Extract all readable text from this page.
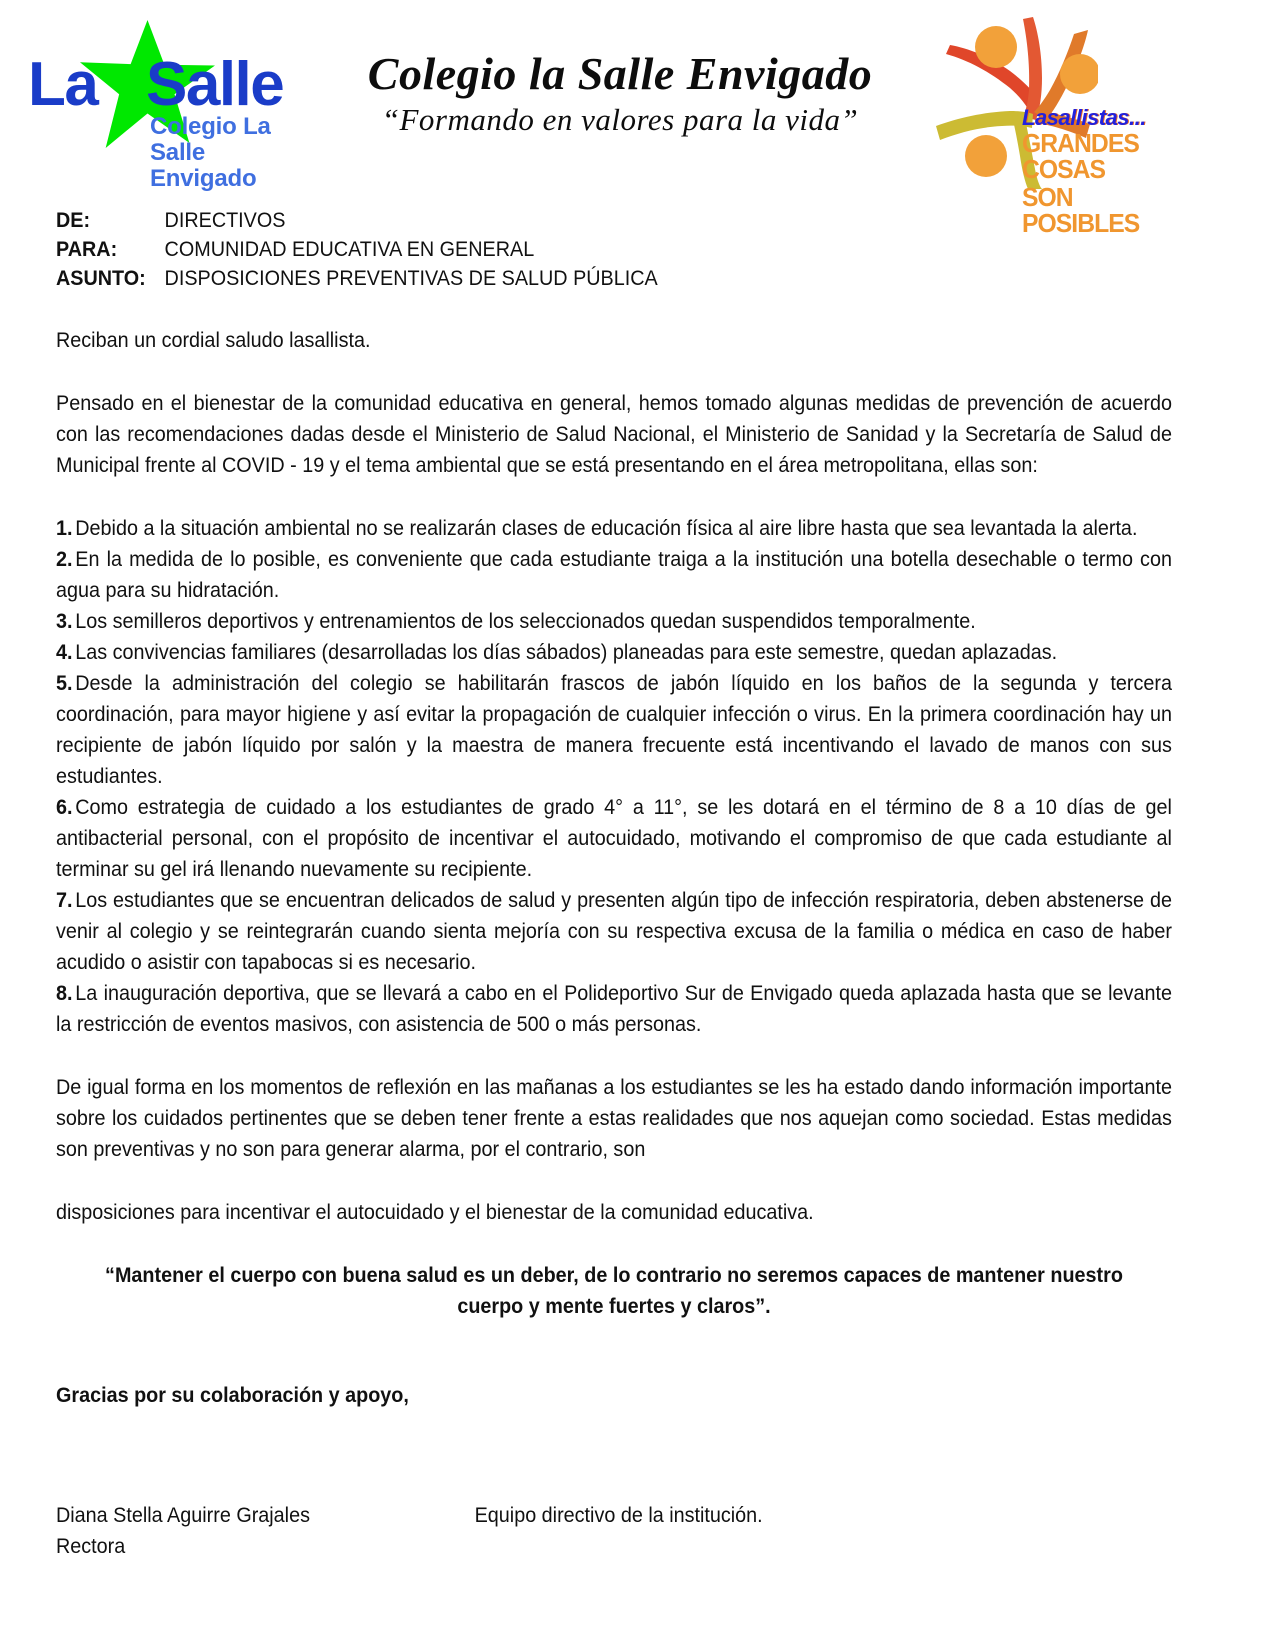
La Salle
Colegio La Salle
Envigado
Colegio la Salle Envigado
“Formando en valores para la vida”	Lasallistas...
GRANDES COSAS
SON POSIBLES
DE:	DIRECTIVOS
PARA:	COMUNIDAD EDUCATIVA EN GENERAL
ASUNTO: DISPOSICIONES PREVENTIVAS DE SALUD PÚBLICA

Reciban un cordial saludo lasallista.

Pensado en el bienestar de la comunidad educativa en general, hemos tomado algunas medidas de prevención de acuerdo con las recomendaciones dadas desde el Ministerio de Salud Nacional, el Ministerio de Sanidad y la Secretaría de Salud de Municipal frente al COVID - 19 y el tema ambiental que se está presentando en el área metropolitana, ellas son:

1. Debido a la situación ambiental no se realizarán clases de educación física al aire libre hasta que sea levantada la alerta.
2. En la medida de lo posible, es conveniente que cada estudiante traiga a la institución una botella desechable o termo con agua para su hidratación.
3. Los semilleros deportivos y entrenamientos de los seleccionados quedan suspendidos temporalmente.
4. Las convivencias familiares (desarrolladas los días sábados) planeadas para este semestre, quedan aplazadas.
5. Desde la administración del colegio se habilitarán frascos de jabón líquido en los baños de la segunda y tercera coordinación, para mayor higiene y así evitar la propagación de cualquier infección o virus. En la primera coordinación hay un recipiente de jabón líquido por salón y la maestra de manera frecuente está incentivando el lavado de manos con sus estudiantes.
6. Como estrategia de cuidado a los estudiantes de grado 4° a 11°, se les dotará en el término de 8 a 10 días de gel antibacterial personal, con el propósito de incentivar el autocuidado, motivando el compromiso de que cada estudiante al terminar su gel irá llenando nuevamente su recipiente.
7. Los estudiantes que se encuentran delicados de salud y presenten algún tipo de infección respiratoria, deben abstenerse de venir al colegio y se reintegrarán cuando sienta mejoría con su respectiva excusa de la familia o médica en caso de haber acudido o asistir con tapabocas si es necesario.
8. La inauguración deportiva, que se llevará a cabo en el Polideportivo Sur de Envigado queda aplazada hasta que se levante la restricción de eventos masivos, con asistencia de 500 o más personas.

De igual forma en los momentos de reflexión en las mañanas a los estudiantes se les ha estado dando información importante sobre los cuidados pertinentes que se deben tener frente a estas realidades que nos aquejan como sociedad. Estas medidas son preventivas y no son para generar alarma, por el contrario, son

disposiciones para incentivar el autocuidado y el bienestar de la comunidad educativa.

“Mantener el cuerpo con buena salud es un deber, de lo contrario no seremos capaces de mantener nuestro cuerpo y mente fuertes y claros”.

Gracias por su colaboración y apoyo,

Diana Stella Aguirre Grajales
Rectora
Equipo directivo de la institución.
